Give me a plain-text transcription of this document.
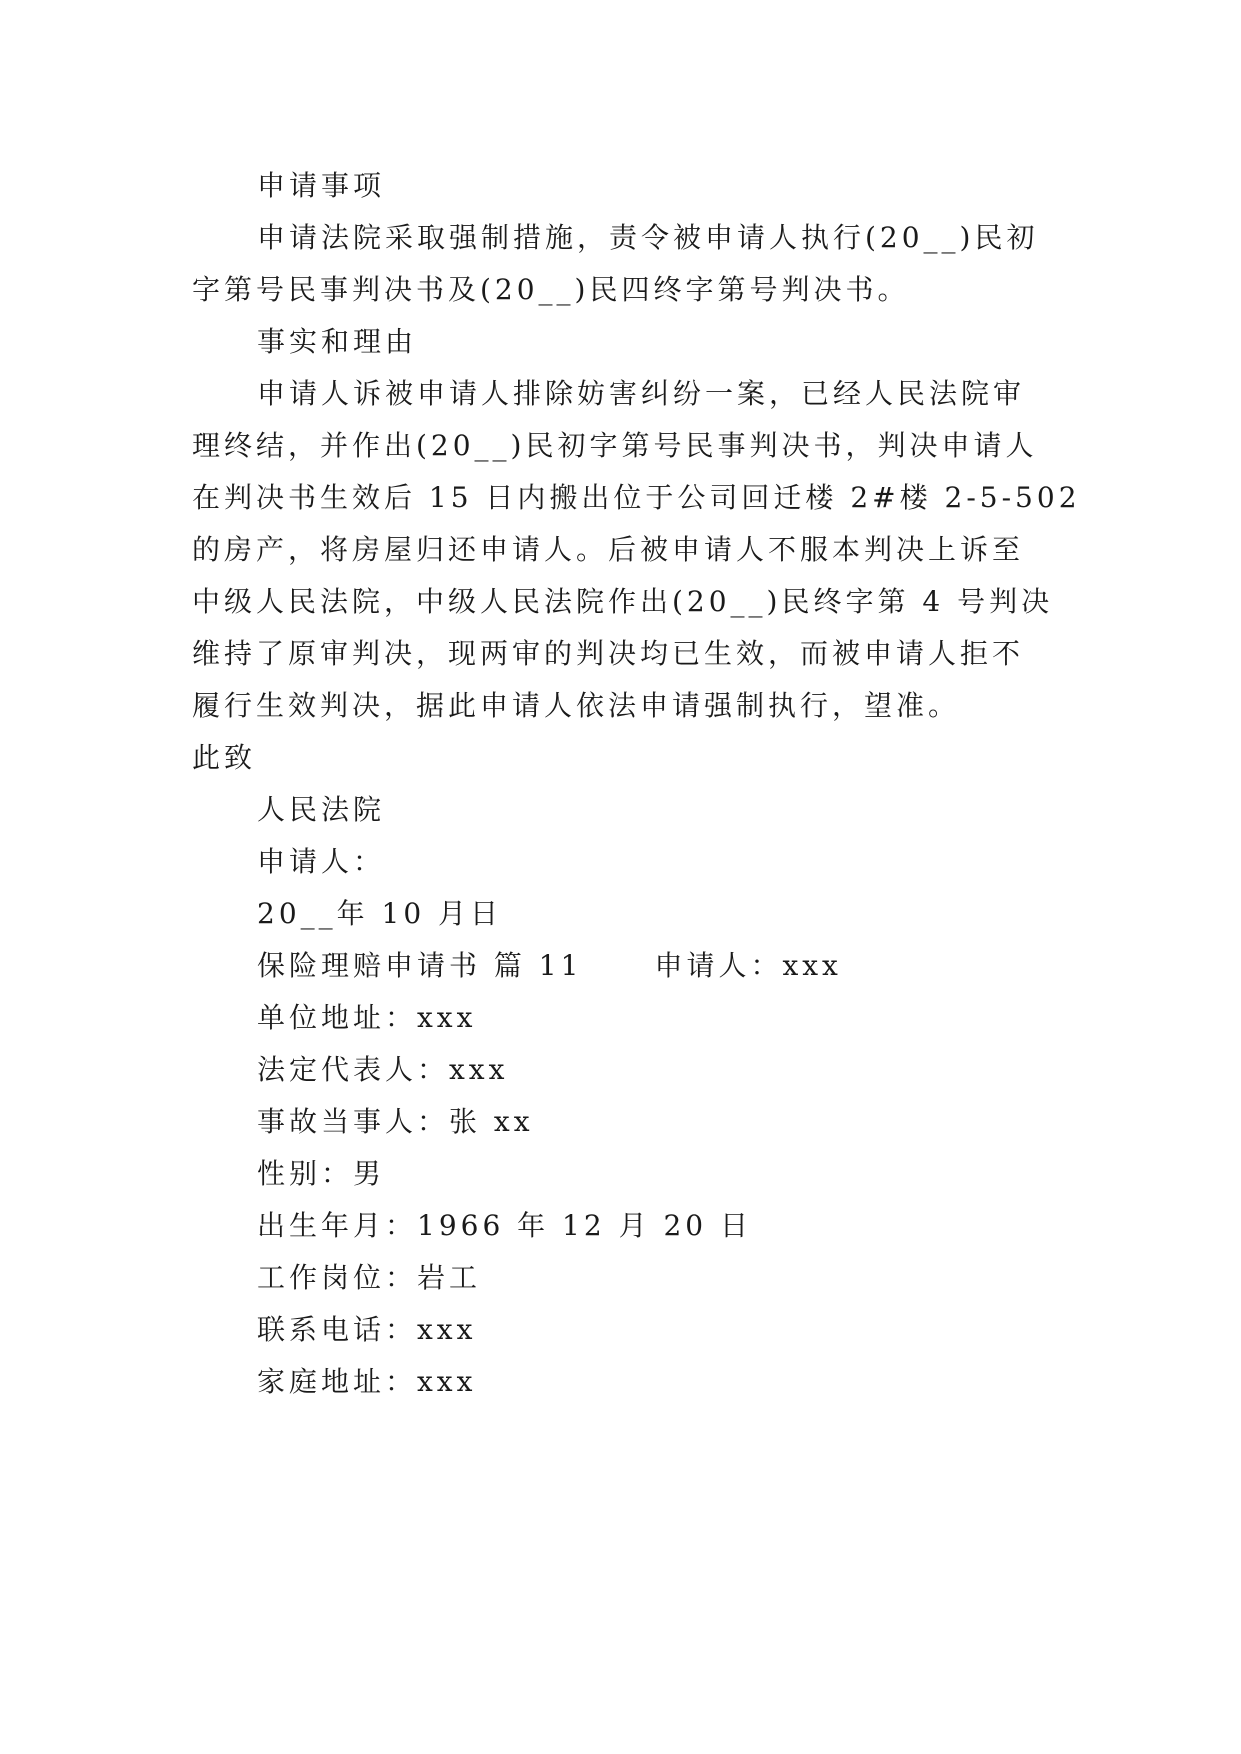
申请事项
申请法院采取强制措施，责令被申请人执行(20__)民初
字第号民事判决书及(20__)民四终字第号判决书。
事实和理由
申请人诉被申请人排除妨害纠纷一案，已经人民法院审
理终结，并作出(20__)民初字第号民事判决书，判决申请人
在判决书生效后 15 日内搬出位于公司回迁楼 2#楼 2-5-502
的房产，将房屋归还申请人。后被申请人不服本判决上诉至
中级人民法院，中级人民法院作出(20__)民终字第 4 号判决
维持了原审判决，现两审的判决均已生效，而被申请人拒不
履行生效判决，据此申请人依法申请强制执行，望准。
此致
人民法院
申请人：
20__年 10 月日
保险理赔申请书 篇 11	申请人：xxx
单位地址：xxx
法定代表人：xxx
事故当事人：张 xx
性别：男
出生年月：1966 年 12 月 20 日
工作岗位：岩工
联系电话：xxx
家庭地址：xxx
